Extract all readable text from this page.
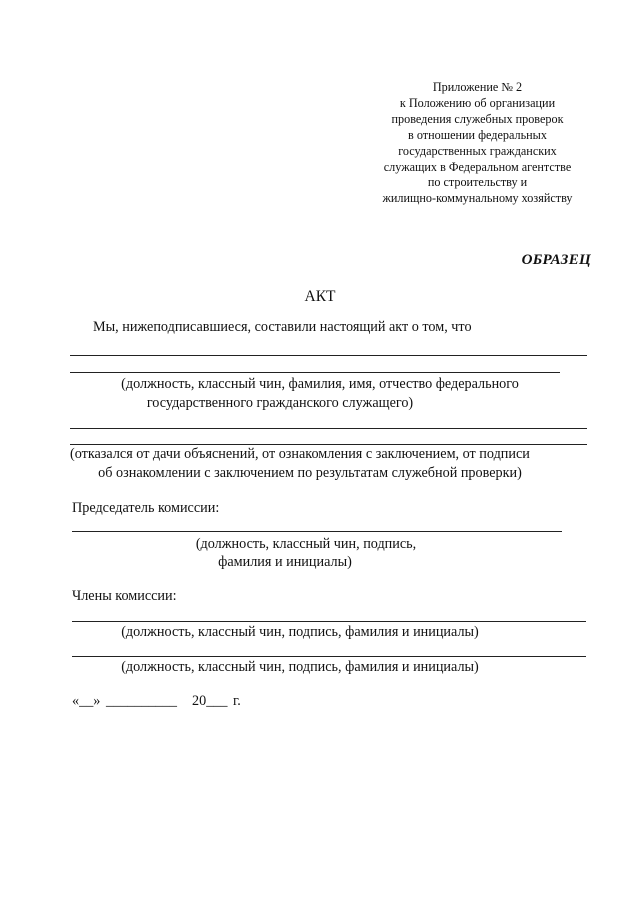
Приложение № 2
к Положению об организации
проведения служебных проверок
в отношении федеральных
государственных гражданских
служащих в Федеральном агентстве
по строительству и
жилищно-коммунальному хозяйству
ОБРАЗЕЦ
АКТ
Мы, нижеподписавшиеся, составили настоящий акт о том, что
(должность, классный чин, фамилия, имя, отчество федерального
государственного гражданского служащего)
(отказался от дачи объяснений, от ознакомления с заключением, от подписи
об ознакомлении с заключением по результатам служебной проверки)
Председатель комиссии:
(должность, классный чин, подпись,
фамилия и инициалы)
Члены комиссии:
(должность, классный чин, подпись, фамилия и инициалы)
(должность, классный чин, подпись, фамилия и инициалы)
«__» __________ 20___ г.
